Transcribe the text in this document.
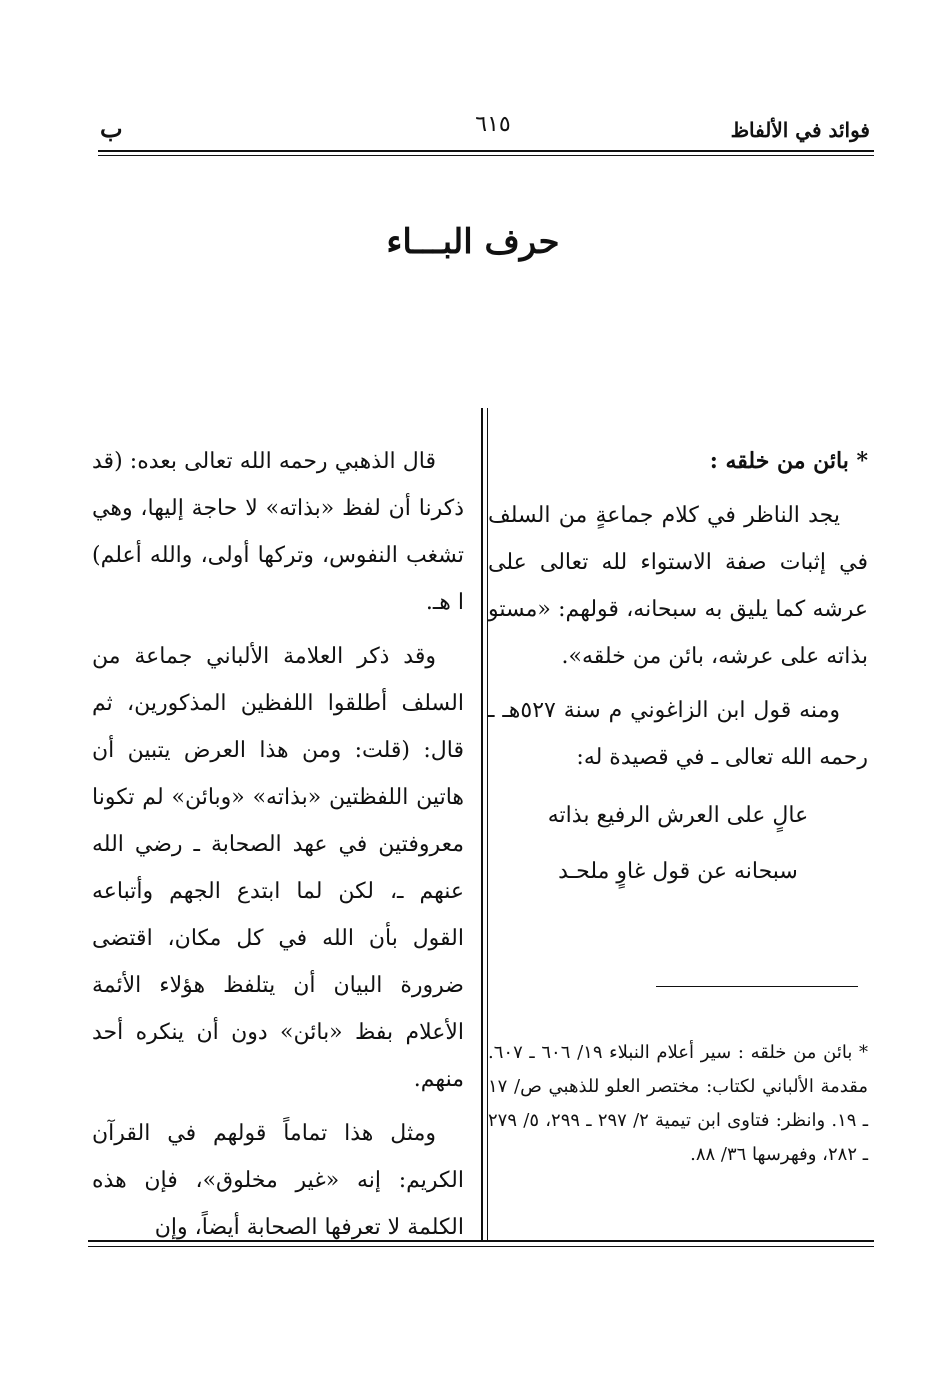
فوائد في الألفاظ
٦١٥
ب
حرف البـــاء

* بائن من خلقه :

يجد الناظر في كلام جماعةٍ من السلف في إثبات صفة الاستواء لله تعالى على عرشه كما يليق به سبحانه، قولهم: «مستو بذاته على عرشه، بائن من خلقه».

ومنه قول ابن الزاغوني م سنة ٥٢٧هـ ـ رحمه الله تعالى ـ في قصيدة له:

عالٍ على العرش الرفيع بذاته
سبحانه عن قول غاوٍ ملحـد
* بائن من خلقه : سير أعلام النبلاء ١٩/ ٦٠٦ ـ ٦٠٧. مقدمة الألباني لكتاب: مختصر العلو للذهبي ص/ ١٧ ـ ١٩. وانظر: فتاوى ابن تيمية ٢/ ٢٩٧ ـ ٢٩٩، ٥/ ٢٧٩ ـ ٢٨٢، وفهرسها ٣٦/ ٨٨.

قال الذهبي رحمه الله تعالى بعده: (قد ذكرنا أن لفظ «بذاته» لا حاجة إليها، وهي تشغب النفوس، وتركها أولى، والله أعلم) ا هـ.

وقد ذكر العلامة الألباني جماعة من السلف أطلقوا اللفظين المذكورين، ثم قال: (قلت: ومن هذا العرض يتبين أن هاتين اللفظتين «بذاته» «وبائن» لم تكونا معروفتين في عهد الصحابة ـ رضي الله عنهم ـ، لكن لما ابتدع الجهم وأتباعه القول بأن الله في كل مكان، اقتضى ضرورة البيان أن يتلفظ هؤلاء الأئمة الأعلام بفظ «بائن» دون أن ينكره أحد منهم.

ومثل هذا تماماً قولهم في القرآن الكريم: إنه «غير مخلوق»، فإن هذه الكلمة لا تعرفها الصحابة أيضاً، وإن
